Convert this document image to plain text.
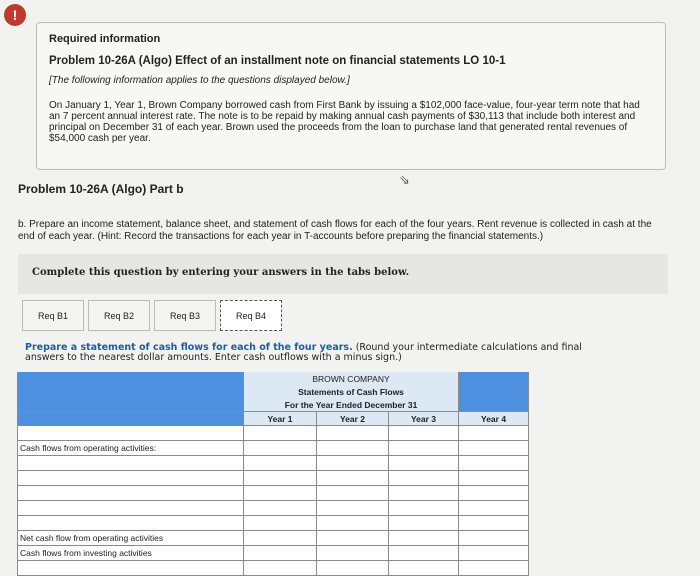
!
Required information
Problem 10-26A (Algo) Effect of an installment note on financial statements LO 10-1
[The following information applies to the questions displayed below.]
On January 1, Year 1, Brown Company borrowed cash from First Bank by issuing a $102,000 face-value, four-year term note that had an 7 percent annual interest rate. The note is to be repaid by making annual cash payments of $30,113 that include both interest and principal on December 31 of each year. Brown used the proceeds from the loan to purchase land that generated rental revenues of $54,000 cash per year.
⇘
Problem 10-26A (Algo) Part b
b. Prepare an income statement, balance sheet, and statement of cash flows for each of the four years. Rent revenue is collected in cash at the end of each year. (Hint: Record the transactions for each year in T-accounts before preparing the financial statements.)
Complete this question by entering your answers in the tabs below.
Req B1	Req B2	Req B3	Req B4
Prepare a statement of cash flows for each of the four years. (Round your intermediate calculations and final answers to the nearest dollar amounts. Enter cash outflows with a minus sign.)
	BROWN COMPANY			
	Statements of Cash Flows			
	For the Year Ended December 31			
	Year 1	Year 2	Year 3	Year 4

Cash flows from operating activities:				

Net cash flow from operating activities				
Cash flows from investing activities				
